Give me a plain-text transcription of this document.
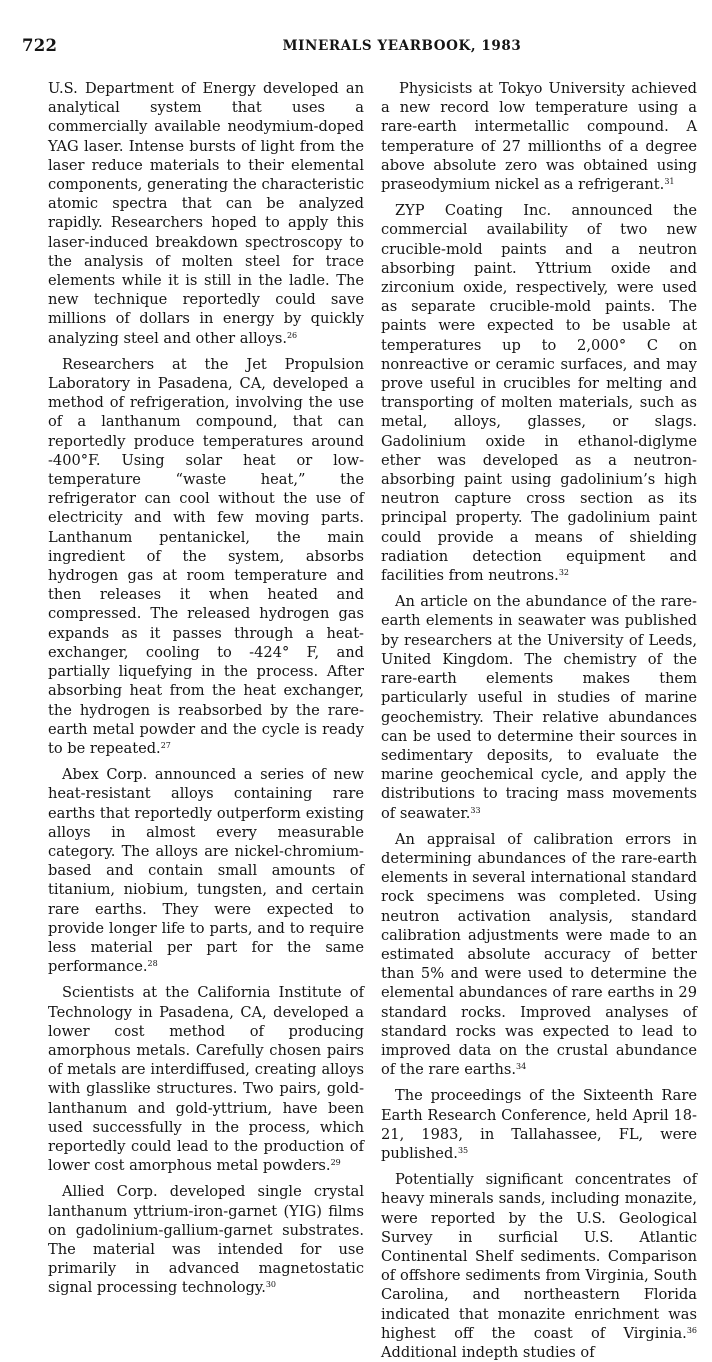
722	MINERALS YEARBOOK, 1983

U.S. Department of Energy developed an analytical system that uses a commercially available neodymium-doped YAG laser. Intense bursts of light from the laser reduce materials to their elemental components, generating the characteristic atomic spectra that can be analyzed rapidly. Researchers hoped to apply this laser-induced breakdown spectroscopy to the analysis of molten steel for trace elements while it is still in the ladle. The new technique reportedly could save millions of dollars in energy by quickly analyzing steel and other alloys.$^{26}$

Researchers at the Jet Propulsion Laboratory in Pasadena, CA, developed a method of refrigeration, involving the use of a lanthanum compound, that can reportedly produce temperatures around -400°F. Using solar heat or low-temperature “waste heat,” the refrigerator can cool without the use of electricity and with few moving parts. Lanthanum pentanickel, the main ingredient of the system, absorbs hydrogen gas at room temperature and then releases it when heated and compressed. The released hydrogen gas expands as it passes through a heat-exchanger, cooling to -424° F, and partially liquefying in the process. After absorbing heat from the heat exchanger, the hydrogen is reabsorbed by the rare-earth metal powder and the cycle is ready to be repeated.$^{27}$

Abex Corp. announced a series of new heat-resistant alloys containing rare earths that reportedly outperform existing alloys in almost every measurable category. The alloys are nickel-chromium-based and contain small amounts of titanium, niobium, tungsten, and certain rare earths. They were expected to provide longer life to parts, and to require less material per part for the same performance.$^{28}$

Scientists at the California Institute of Technology in Pasadena, CA, developed a lower cost method of producing amorphous metals. Carefully chosen pairs of metals are interdiffused, creating alloys with glasslike structures. Two pairs, gold-lanthanum and gold-yttrium, have been used successfully in the process, which reportedly could lead to the production of lower cost amorphous metal powders.$^{29}$

Allied Corp. developed single crystal lanthanum yttrium-iron-garnet (YIG) films on gadolinium-gallium-garnet substrates. The material was intended for use primarily in advanced magnetostatic signal processing technology.$^{30}$

Physicists at Tokyo University achieved a new record low temperature using a rare-earth intermetallic compound. A temperature of 27 millionths of a degree above absolute zero was obtained using praseodymium nickel as a refrigerant.$^{31}$

ZYP Coating Inc. announced the commercial availability of two new crucible-mold paints and a neutron absorbing paint. Yttrium oxide and zirconium oxide, respectively, were used as separate crucible-mold paints. The paints were expected to be usable at temperatures up to 2,000° C on nonreactive or ceramic surfaces, and may prove useful in crucibles for melting and transporting of molten materials, such as metal, alloys, glasses, or slags. Gadolinium oxide in ethanol-diglyme ether was developed as a neutron-absorbing paint using gadolinium’s high neutron capture cross section as its principal property. The gadolinium paint could provide a means of shielding radiation detection equipment and facilities from neutrons.$^{32}$

An article on the abundance of the rare-earth elements in seawater was published by researchers at the University of Leeds, United Kingdom. The chemistry of the rare-earth elements makes them particularly useful in studies of marine geochemistry. Their relative abundances can be used to determine their sources in sedimentary deposits, to evaluate the marine geochemical cycle, and apply the distributions to tracing mass movements of seawater.$^{33}$

An appraisal of calibration errors in determining abundances of the rare-earth elements in several international standard rock specimens was completed. Using neutron activation analysis, standard calibration adjustments were made to an estimated absolute accuracy of better than 5% and were used to determine the elemental abundances of rare earths in 29 standard rocks. Improved analyses of standard rocks was expected to lead to improved data on the crustal abundance of the rare earths.$^{34}$

The proceedings of the Sixteenth Rare Earth Research Conference, held April 18-21, 1983, in Tallahassee, FL, were published.$^{35}$

Potentially significant concentrates of heavy minerals sands, including monazite, were reported by the U.S. Geological Survey in surficial U.S. Atlantic Continental Shelf sediments. Comparison of offshore sediments from Virginia, South Carolina, and northeastern Florida indicated that monazite enrichment was highest off the coast of Virginia.$^{36}$ Additional indepth studies of
